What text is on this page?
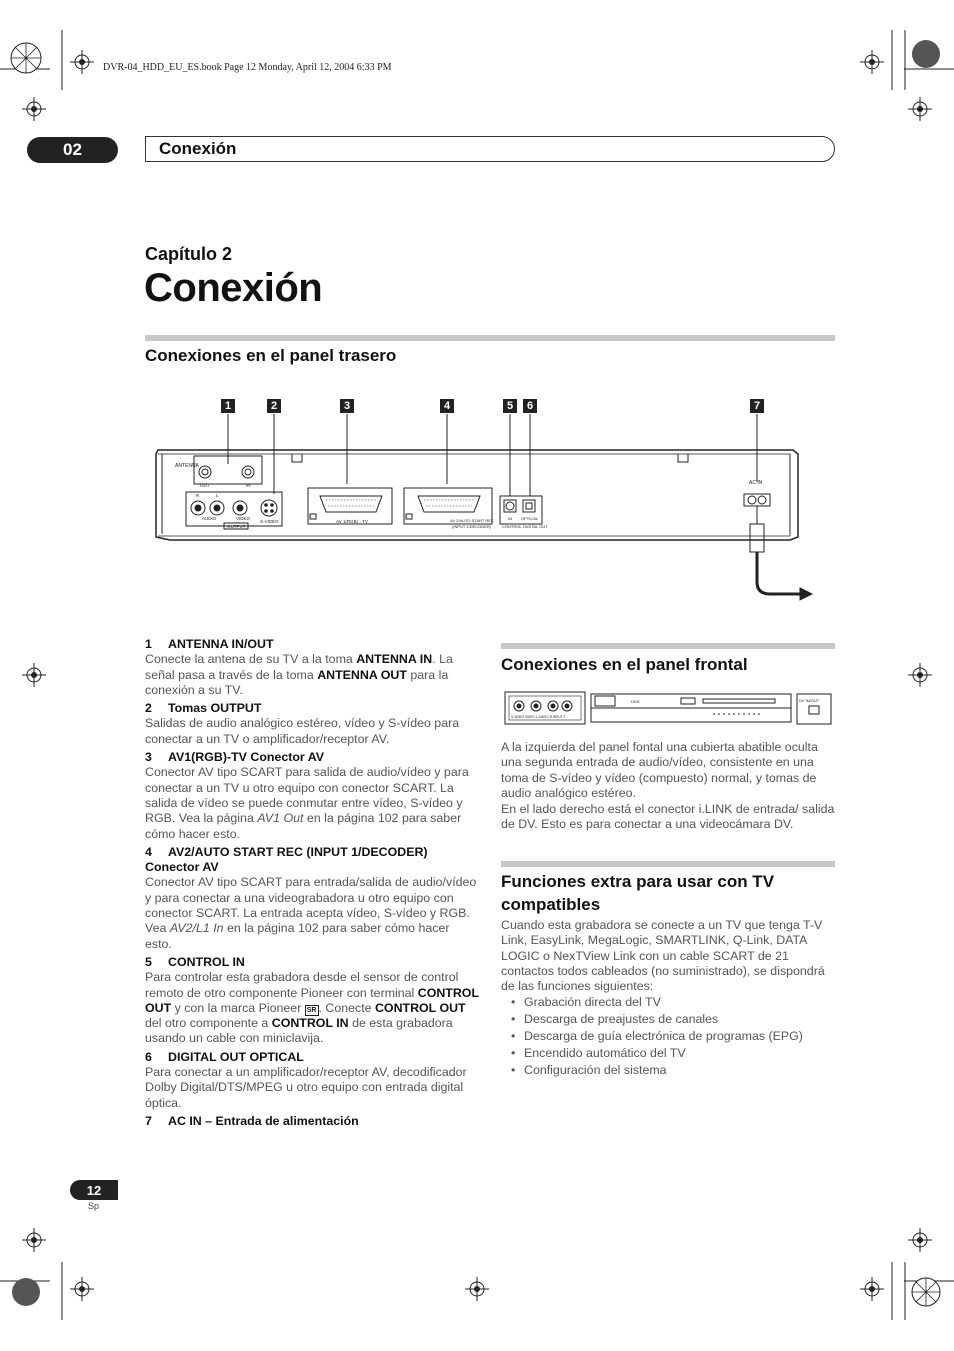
DVR-04_HDD_EU_ES.book Page 12 Monday, April 12, 2004 6:33 PM
02	Conexión
Capítulo 2
Conexión
Conexiones en el panel trasero
1	2	3	4	5	6	7
ANTENNA
OUT	IN
R	L
AUDIO	VIDEO
S-VIDEO
OUTPUT
AV 1(RGB) - TV	AV 2/AUTO START REC
(INPUT 1/DECODER)
IN
CONTROL
OPTICAL
DIGITAL OUT
AC IN
1 ANTENNA IN/OUT
Conecte la antena de su TV a la toma ANTENNA IN. La señal pasa a través de la toma ANTENNA OUT para la conexión a su TV.
2 Tomas OUTPUT
Salidas de audio analógico estéreo, vídeo y S-vídeo para conectar a un TV o amplificador/receptor AV.
3 AV1(RGB)-TV Conector AV
Conector AV tipo SCART para salida de audio/vídeo y para conectar a un TV u otro equipo con conector SCART. La salida de vídeo se puede conmutar entre vídeo, S-vídeo y RGB. Vea la página AV1 Out en la página 102 para saber cómo hacer esto.
4 AV2/AUTO START REC (INPUT 1/DECODER)
Conector AV
Conector AV tipo SCART para entrada/salida de audio/vídeo y para conectar a una videograbadora u otro equipo con conector SCART. La entrada acepta vídeo, S-vídeo y RGB. Vea AV2/L1 In en la página 102 para saber cómo hacer esto.
5 CONTROL IN
Para controlar esta grabadora desde el sensor de control remoto de otro componente Pioneer con terminal CONTROL OUT y con la marca Pioneer SR . Conecte CONTROL OUT del otro componente a CONTROL IN de esta grabadora usando un cable con miniclavija.
6 DIGITAL OUT OPTICAL
Para conectar a un amplificador/receptor AV, decodificador Dolby Digital/DTS/MPEG u otro equipo con entrada digital óptica.
7 AC IN – Entrada de alimentación
Conexiones en el panel frontal
S-VIDEO VIDEO L-AUDIO-R INPUT 2
HDD	DVD	DV IN/OUT
A la izquierda del panel fontal una cubierta abatible oculta una segunda entrada de audio/vídeo, consistente en una toma de S-vídeo y vídeo (compuesto) normal, y tomas de audio analógico estéreo.
En el lado derecho está el conector i.LINK de entrada/ salida de DV. Esto es para conectar a una videocámara DV.
Funciones extra para usar con TV
compatibles
Cuando esta grabadora se conecte a un TV que tenga T-V Link, EasyLink, MegaLogic, SMARTLINK, Q-Link, DATA LOGIC o NexTView Link con un cable SCART de 21 contactos todos cableados (no suministrado), se dispondrá de las funciones siguientes:
• Grabación directa del TV
• Descarga de preajustes de canales
• Descarga de guía electrónica de programas (EPG)
• Encendido automático del TV
• Configuración del sistema
12
Sp
